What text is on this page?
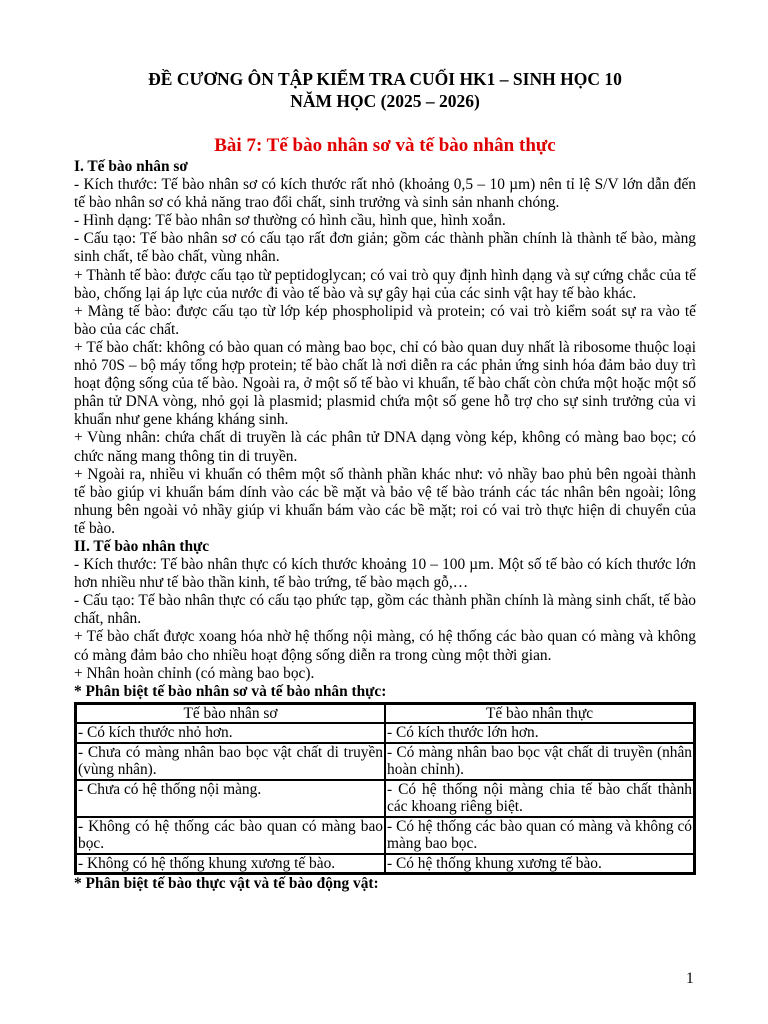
ĐỀ CƯƠNG ÔN TẬP KIỂM TRA CUỐI HK1 – SINH HỌC 10
NĂM HỌC (2025 – 2026)
Bài 7: Tế bào nhân sơ và tế bào nhân thực

I. Tế bào nhân sơ

- Kích thước: Tế bào nhân sơ có kích thước rất nhỏ (khoảng 0,5 – 10 µm) nên tỉ lệ S/V lớn dẫn đến tế bào nhân sơ có khả năng trao đổi chất, sinh trưởng và sinh sản nhanh chóng.

- Hình dạng: Tế bào nhân sơ thường có hình cầu, hình que, hình xoắn.

- Cấu tạo: Tế bào nhân sơ có cấu tạo rất đơn giản; gồm các thành phần chính là thành tế bào, màng sinh chất, tế bào chất, vùng nhân.

+ Thành tế bào: được cấu tạo từ peptidoglycan; có vai trò quy định hình dạng và sự cứng chắc của tế bào, chống lại áp lực của nước đi vào tế bào và sự gây hại của các sinh vật hay tế bào khác.

+ Màng tế bào: được cấu tạo từ lớp kép phospholipid và protein; có vai trò kiểm soát sự ra vào tế bào của các chất.

+ Tế bào chất: không có bào quan có màng bao bọc, chỉ có bào quan duy nhất là ribosome thuộc loại nhỏ 70S – bộ máy tổng hợp protein; tế bào chất là nơi diễn ra các phản ứng sinh hóa đảm bảo duy trì hoạt động sống của tế bào. Ngoài ra, ở một số tế bào vi khuẩn, tế bào chất còn chứa một hoặc một số phân tử DNA vòng, nhỏ gọi là plasmid; plasmid chứa một số gene hỗ trợ cho sự sinh trưởng của vi khuẩn như gene kháng kháng sinh.

+ Vùng nhân: chứa chất di truyền là các phân tử DNA dạng vòng kép, không có màng bao bọc; có chức năng mang thông tin di truyền.

+ Ngoài ra, nhiều vi khuẩn có thêm một số thành phần khác như: vỏ nhầy bao phủ bên ngoài thành tế bào giúp vi khuẩn bám dính vào các bề mặt và bảo vệ tế bào tránh các tác nhân bên ngoài; lông nhung bên ngoài vỏ nhầy giúp vi khuẩn bám vào các bề mặt; roi có vai trò thực hiện di chuyển của tế bào.

II. Tế bào nhân thực

- Kích thước: Tế bào nhân thực có kích thước khoảng 10 – 100 µm. Một số tế bào có kích thước lớn hơn nhiều như tế bào thần kinh, tế bào trứng, tế bào mạch gỗ,…

- Cấu tạo: Tế bào nhân thực có cấu tạo phức tạp, gồm các thành phần chính là màng sinh chất, tế bào chất, nhân.

+ Tế bào chất được xoang hóa nhờ hệ thống nội màng, có hệ thống các bào quan có màng và không có màng đảm bảo cho nhiều hoạt động sống diễn ra trong cùng một thời gian.

+ Nhân hoàn chỉnh (có màng bao bọc).

* Phân biệt tế bào nhân sơ và tế bào nhân thực:

Tế bào nhân sơ	Tế bào nhân thực
- Có kích thước nhỏ hơn.	- Có kích thước lớn hơn.
- Chưa có màng nhân bao bọc vật chất di truyền (vùng nhân).	- Có màng nhân bao bọc vật chất di truyền (nhân hoàn chỉnh).
- Chưa có hệ thống nội màng.	- Có hệ thống nội màng chia tế bào chất thành các khoang riêng biệt.
- Không có hệ thống các bào quan có màng bao bọc.	- Có hệ thống các bào quan có màng và không có màng bao bọc.
- Không có hệ thống khung xương tế bào.	- Có hệ thống khung xương tế bào.

* Phân biệt tế bào thực vật và tế bào động vật:

1
